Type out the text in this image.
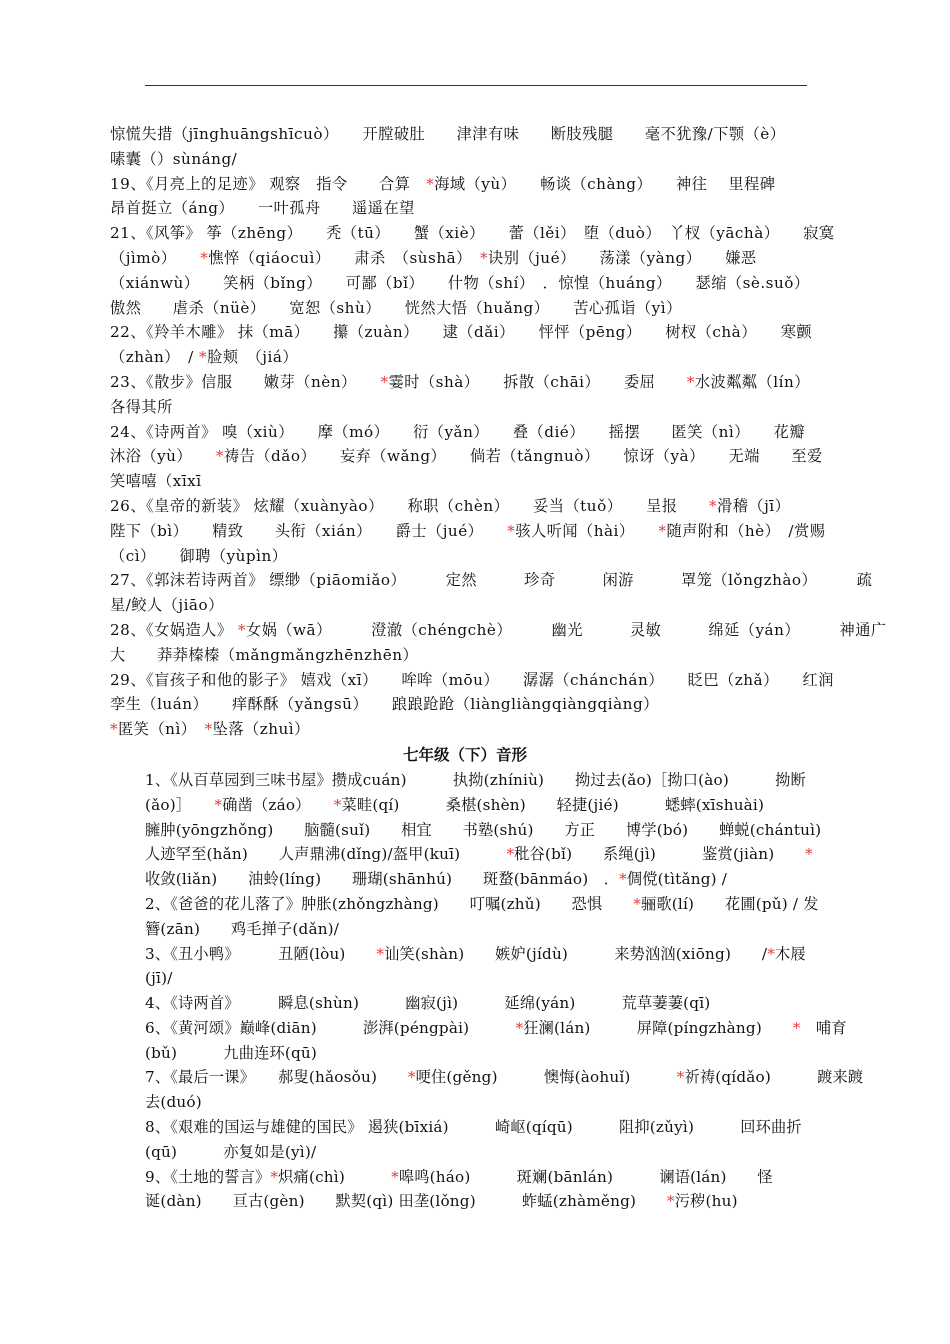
惊慌失措（jīnghuāngshīcuò）　　开膛破肚　　津津有味　　断肢残腿　　毫不犹豫/下颚（è）
嗉囊（）sùnáng/
19、《月亮上的足迹》 观察　指令　　合算　*海域（yù）　　畅谈（chàng）　　神往　 里程碑
昂首挺立（áng）　　一叶孤舟　　遥遥在望
21、《风筝》 筝（zhēng）　　秃（tū）　　蟹（xiè）　　蕾（lěi）　堕（duò）　丫杈（yāchà）　　寂寞
（jìmò）　　*憔悴（qiáocuì）　　肃杀　（sùshā）　*诀别（jué）　　荡漾（yàng）　　嫌恶
（xiánwù）　　笑柄（bǐng）　　可鄙（bǐ）　　什物（shí）　．惊惶（huáng）　　瑟缩（sè.suǒ）
傲然　　虐杀（nüè）　　宽恕（shù）　　恍然大悟（huǎng）　　苦心孤诣（yì）
22、《羚羊木雕》 抹（mā）　　攥（zuàn）　　逮（dǎi）　　怦怦（pēng）　　树杈（chà）　　寒颤
（zhàn）　/ *脸颊　（jiá）
23、《散步》信服　　嫩芽（nèn）　　*霎时（shà）　　拆散（chāi）　　委屈　　*水波粼粼（lín）
各得其所
24、《诗两首》 嗅（xiù）　　摩（mó）　　衍（yǎn）　　叠（dié）　　摇摆　　匿笑（nì）　　花瓣
沐浴（yù）　　*祷告（dǎo）　　妄弃（wǎng）　　倘若（tǎngnuò）　　惊讶（yà）　　无端　　至爱
笑嘻嘻（xīxī
26、《皇帝的新装》 炫耀（xuànyào）　　称职（chèn）　　妥当（tuǒ）　　呈报　　*滑稽（jī）
陛下（bì）　　精致　　头衔（xián）　　爵士（jué）　　*骇人听闻（hài）　　*随声附和（hè）　/赏赐
（cì）　　御聘（yùpìn）
27、《郭沫若诗两首》 缥缈（piāomiǎo）　　　定然　　　珍奇　　　闲游　　　罩笼（lǒngzhào）　　　疏
星/鲛人（jiāo）
28、《女娲造人》 *女娲（wā）　　　澄澈（chéngchè）　　　幽光　　　灵敏　　　绵延（yán）　　　神通广
大　　莽莽榛榛（mǎngmǎngzhēnzhēn）
29、《盲孩子和他的影子》 嬉戏（xī）　　哞哞（mōu）　　潺潺（chánchán）　　眨巴（zhǎ）　　红润
孪生（luán）　　痒酥酥（yǎngsū）　　踉踉跄跄（liàngliàngqiàngqiàng）
*匿笑（nì）　*坠落（zhuì）
七年级（下）音形
1、《从百草园到三味书屋》攒成cuán)　　　执拗(zhíniù)　　拗过去(ǎo)［拗口(ào)　　　拗断
(ǎo)］　　*确凿（záo）　　*菜畦(qí)　　　桑椹(shèn)　　轻捷(jié)　　　蟋蟀(xīshuài)
臃肿(yōngzhǒng)　　脑髓(suǐ)　　相宜　　书塾(shú)　　方正　　博学(bó)　　蝉蜕(chántuì)
人迹罕至(hǎn)　　人声鼎沸(dǐng)/盔甲(kuī)　　　*秕谷(bǐ)　　系绳(jì)　　　鉴赏(jiàn)　　*
收敛(liǎn)　　油蛉(líng)　　珊瑚(shānhú)　　斑蝥(bānmáo)　．*倜傥(tìtǎng) /
2、《爸爸的花儿落了》肿胀(zhǒngzhàng)　　叮嘱(zhǔ)　　恐惧　　*骊歌(lí)　　花圃(pǔ) / 发
簪(zān)　　鸡毛掸子(dǎn)/
3、《丑小鸭》　　　丑陋(lòu)　　*讪笑(shàn)　　嫉妒(jídù)　　　来势汹汹(xiōng)　　/*木屐
(jī)/
4、《诗两首》　　　瞬息(shùn)　　　幽寂(jì)　　　延绵(yán)　　　荒草萋萋(qī)
6、《黄河颂》巅峰(diān)　　　澎湃(péngpài)　　　*狂澜(lán)　　　屏障(píngzhàng)　　*　哺育
(bǔ)　　　九曲连环(qū)
7、《最后一课》　　郝叟(hǎosǒu)　　*哽住(gěng)　　　懊悔(àohuǐ)　　　*祈祷(qídǎo)　　　踱来踱
去(duó)
8、《艰难的国运与雄健的国民》 遏狭(bīxiá)　　　崎岖(qíqū)　　　阻抑(zǔyì)　　　回环曲折
(qū)　　　亦复如是(yì)/
9、《土地的誓言》*炽痛(chì)　　　*嗥鸣(háo)　　　斑斓(bānlán)　　　谰语(lán)　　怪
诞(dàn)　　亘古(gèn)　　默契(qì) 田垄(lǒng)　　　蚱蜢(zhàměng)　　*污秽(hu)
